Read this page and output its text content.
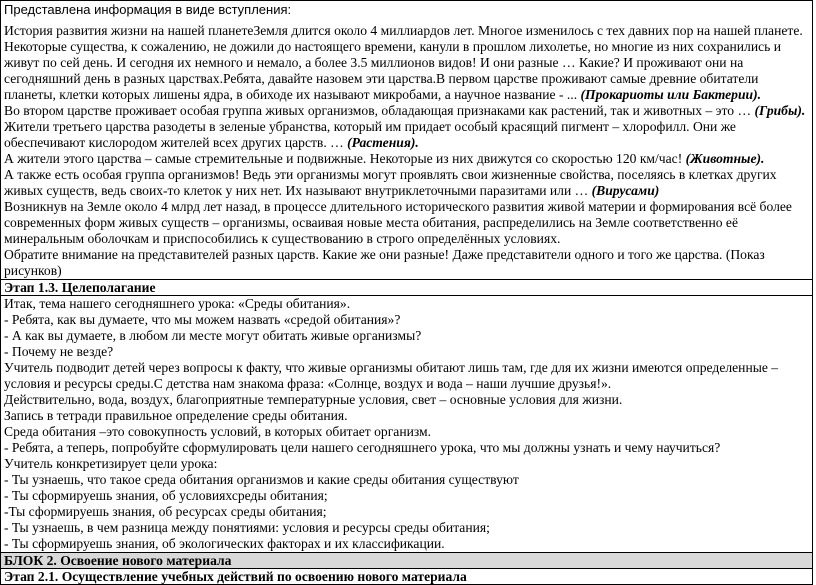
Представлена информация в виде вступления:

История развития жизни на нашей планетеЗемля длится около 4 миллиардов лет. Многое изменилось с тех давних пор на нашей планете. Некоторые существа, к сожалению, не дожили до настоящего времени, канули в прошлом лихолетье, но многие из них сохранились и живут по сей день. И сегодня их немного и немало, а более 3.5 миллионов видов! И они разные … Какие? И проживают они на сегодняшний день в разных царствах.Ребята, давайте назовем эти царства.В первом царстве проживают самые древние обитатели планеты, клетки которых лишены ядра, в обиходе их называют микробами, а научное название - ... (Прокариоты или Бактерии).

Во втором царстве проживает особая группа живых организмов, обладающая признаками как растений, так и животных – это … (Грибы).

Жители третьего царства разодеты в зеленые убранства, который им придает особый красящий пигмент – хлорофилл. Они же обеспечивают кислородом жителей всех других царств. … (Растения).

А жители этого царства – самые стремительные и подвижные. Некоторые из них движутся со скоростью 120 км/час! (Животные).

А также есть особая группа организмов! Ведь эти организмы могут проявлять свои жизненные свойства, поселяясь в клетках других живых существ, ведь своих-то клеток у них нет. Их называют внутриклеточными паразитами или … (Вирусами)

Возникнув на Земле около 4 млрд лет назад, в процессе длительного исторического развития живой материи и формирования всё более современных форм живых существ – организмы, осваивая новые места обитания, распределились на Земле соответственно её минеральным оболочкам и приспособились к существованию в строго определённых условиях.

Обратите внимание на представителей разных царств. Какие же они разные! Даже представители одного и того же царства. (Показ рисунков)

Этап 1.3. Целеполагание

Итак, тема нашего сегодняшнего урока: «Среды обитания».

- Ребята, как вы думаете, что мы можем назвать «средой обитания»?

- А как вы думаете, в любом ли месте могут обитать живые организмы?

- Почему не везде?

Учитель подводит детей через вопросы к факту, что живые организмы обитают лишь там, где для их жизни имеются определенные –условия и ресурсы среды.С детства нам знакома фраза: «Солнце, воздух и вода – наши лучшие друзья!».

Действительно, вода, воздух, благоприятные температурные условия, свет – основные условия для жизни.

Запись в тетради правильное определение среды обитания.

Среда обитания –это совокупность условий, в которых обитает организм.

- Ребята, а теперь, попробуйте сформулировать цели нашего сегодняшнего урока, что мы должны узнать и чему научиться?

Учитель конкретизирует цели урока:

- Ты узнаешь, что такое среда обитания организмов и какие среды обитания существуют

- Ты сформируешь знания, об условияхсреды обитания;

-Ты сформируешь знания, об ресурсах среды обитания;

- Ты узнаешь, в чем разница между понятиями: условия и ресурсы среды обитания;

- Ты сформируешь знания, об экологических факторах и их классификации.

БЛОК 2. Освоение нового материала
Этап 2.1. Осуществление учебных действий по освоению нового материала
